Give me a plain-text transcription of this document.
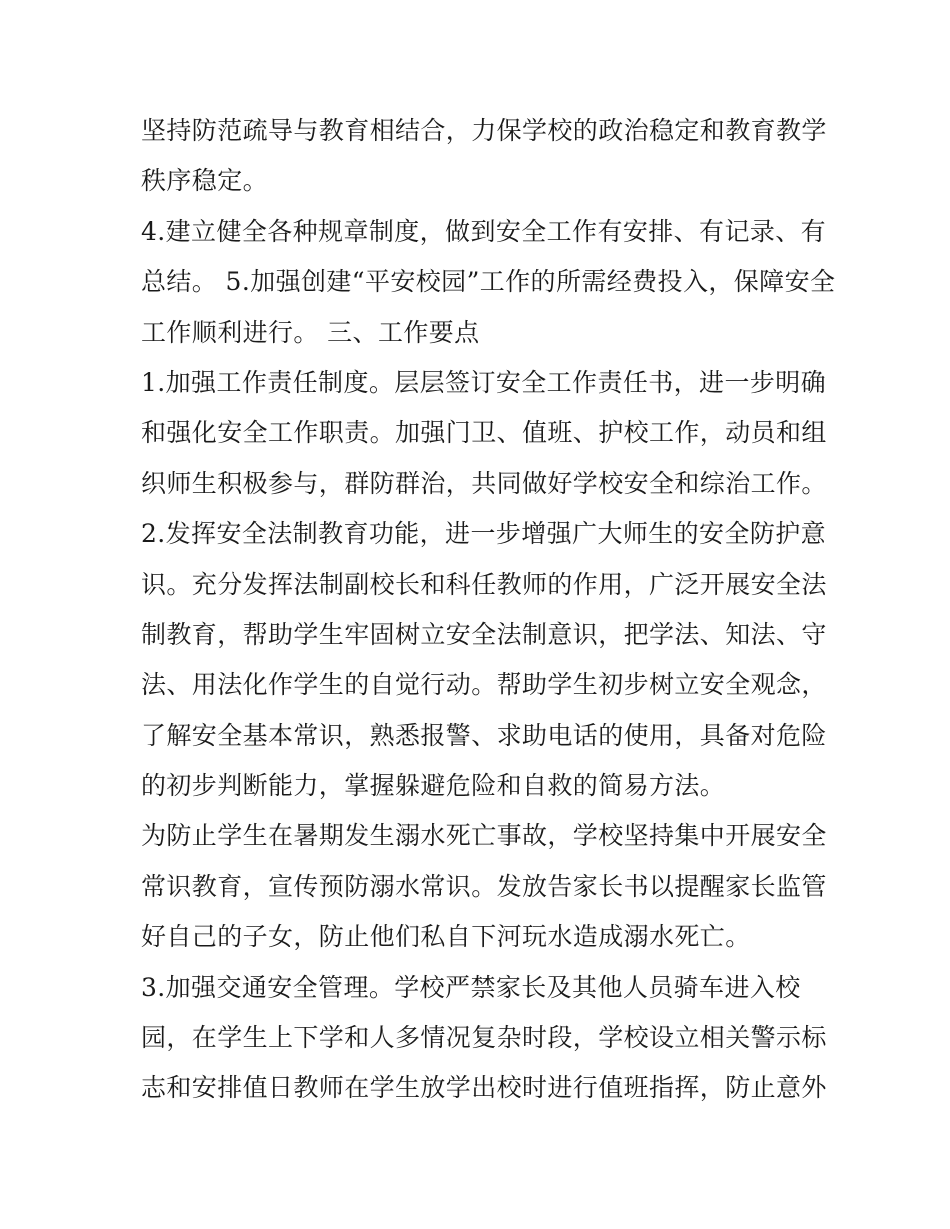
坚持防范疏导与教育相结合，力保学校的政治稳定和教育教学
秩序稳定。
4.建立健全各种规章制度，做到安全工作有安排、有记录、有
总结。 5.加强创建“平安校园”工作的所需经费投入，保障安全
工作顺利进行。 三、工作要点
1.加强工作责任制度。层层签订安全工作责任书，进一步明确
和强化安全工作职责。加强门卫、值班、护校工作，动员和组
织师生积极参与，群防群治，共同做好学校安全和综治工作。
2.发挥安全法制教育功能，进一步增强广大师生的安全防护意
识。充分发挥法制副校长和科任教师的作用，广泛开展安全法
制教育，帮助学生牢固树立安全法制意识，把学法、知法、守
法、用法化作学生的自觉行动。帮助学生初步树立安全观念，
了解安全基本常识，熟悉报警、求助电话的使用，具备对危险
的初步判断能力，掌握躲避危险和自救的简易方法。
为防止学生在暑期发生溺水死亡事故，学校坚持集中开展安全
常识教育，宣传预防溺水常识。发放告家长书以提醒家长监管
好自己的子女，防止他们私自下河玩水造成溺水死亡。
3.加强交通安全管理。学校严禁家长及其他人员骑车进入校
园，在学生上下学和人多情况复杂时段，学校设立相关警示标
志和安排值日教师在学生放学出校时进行值班指挥，防止意外
